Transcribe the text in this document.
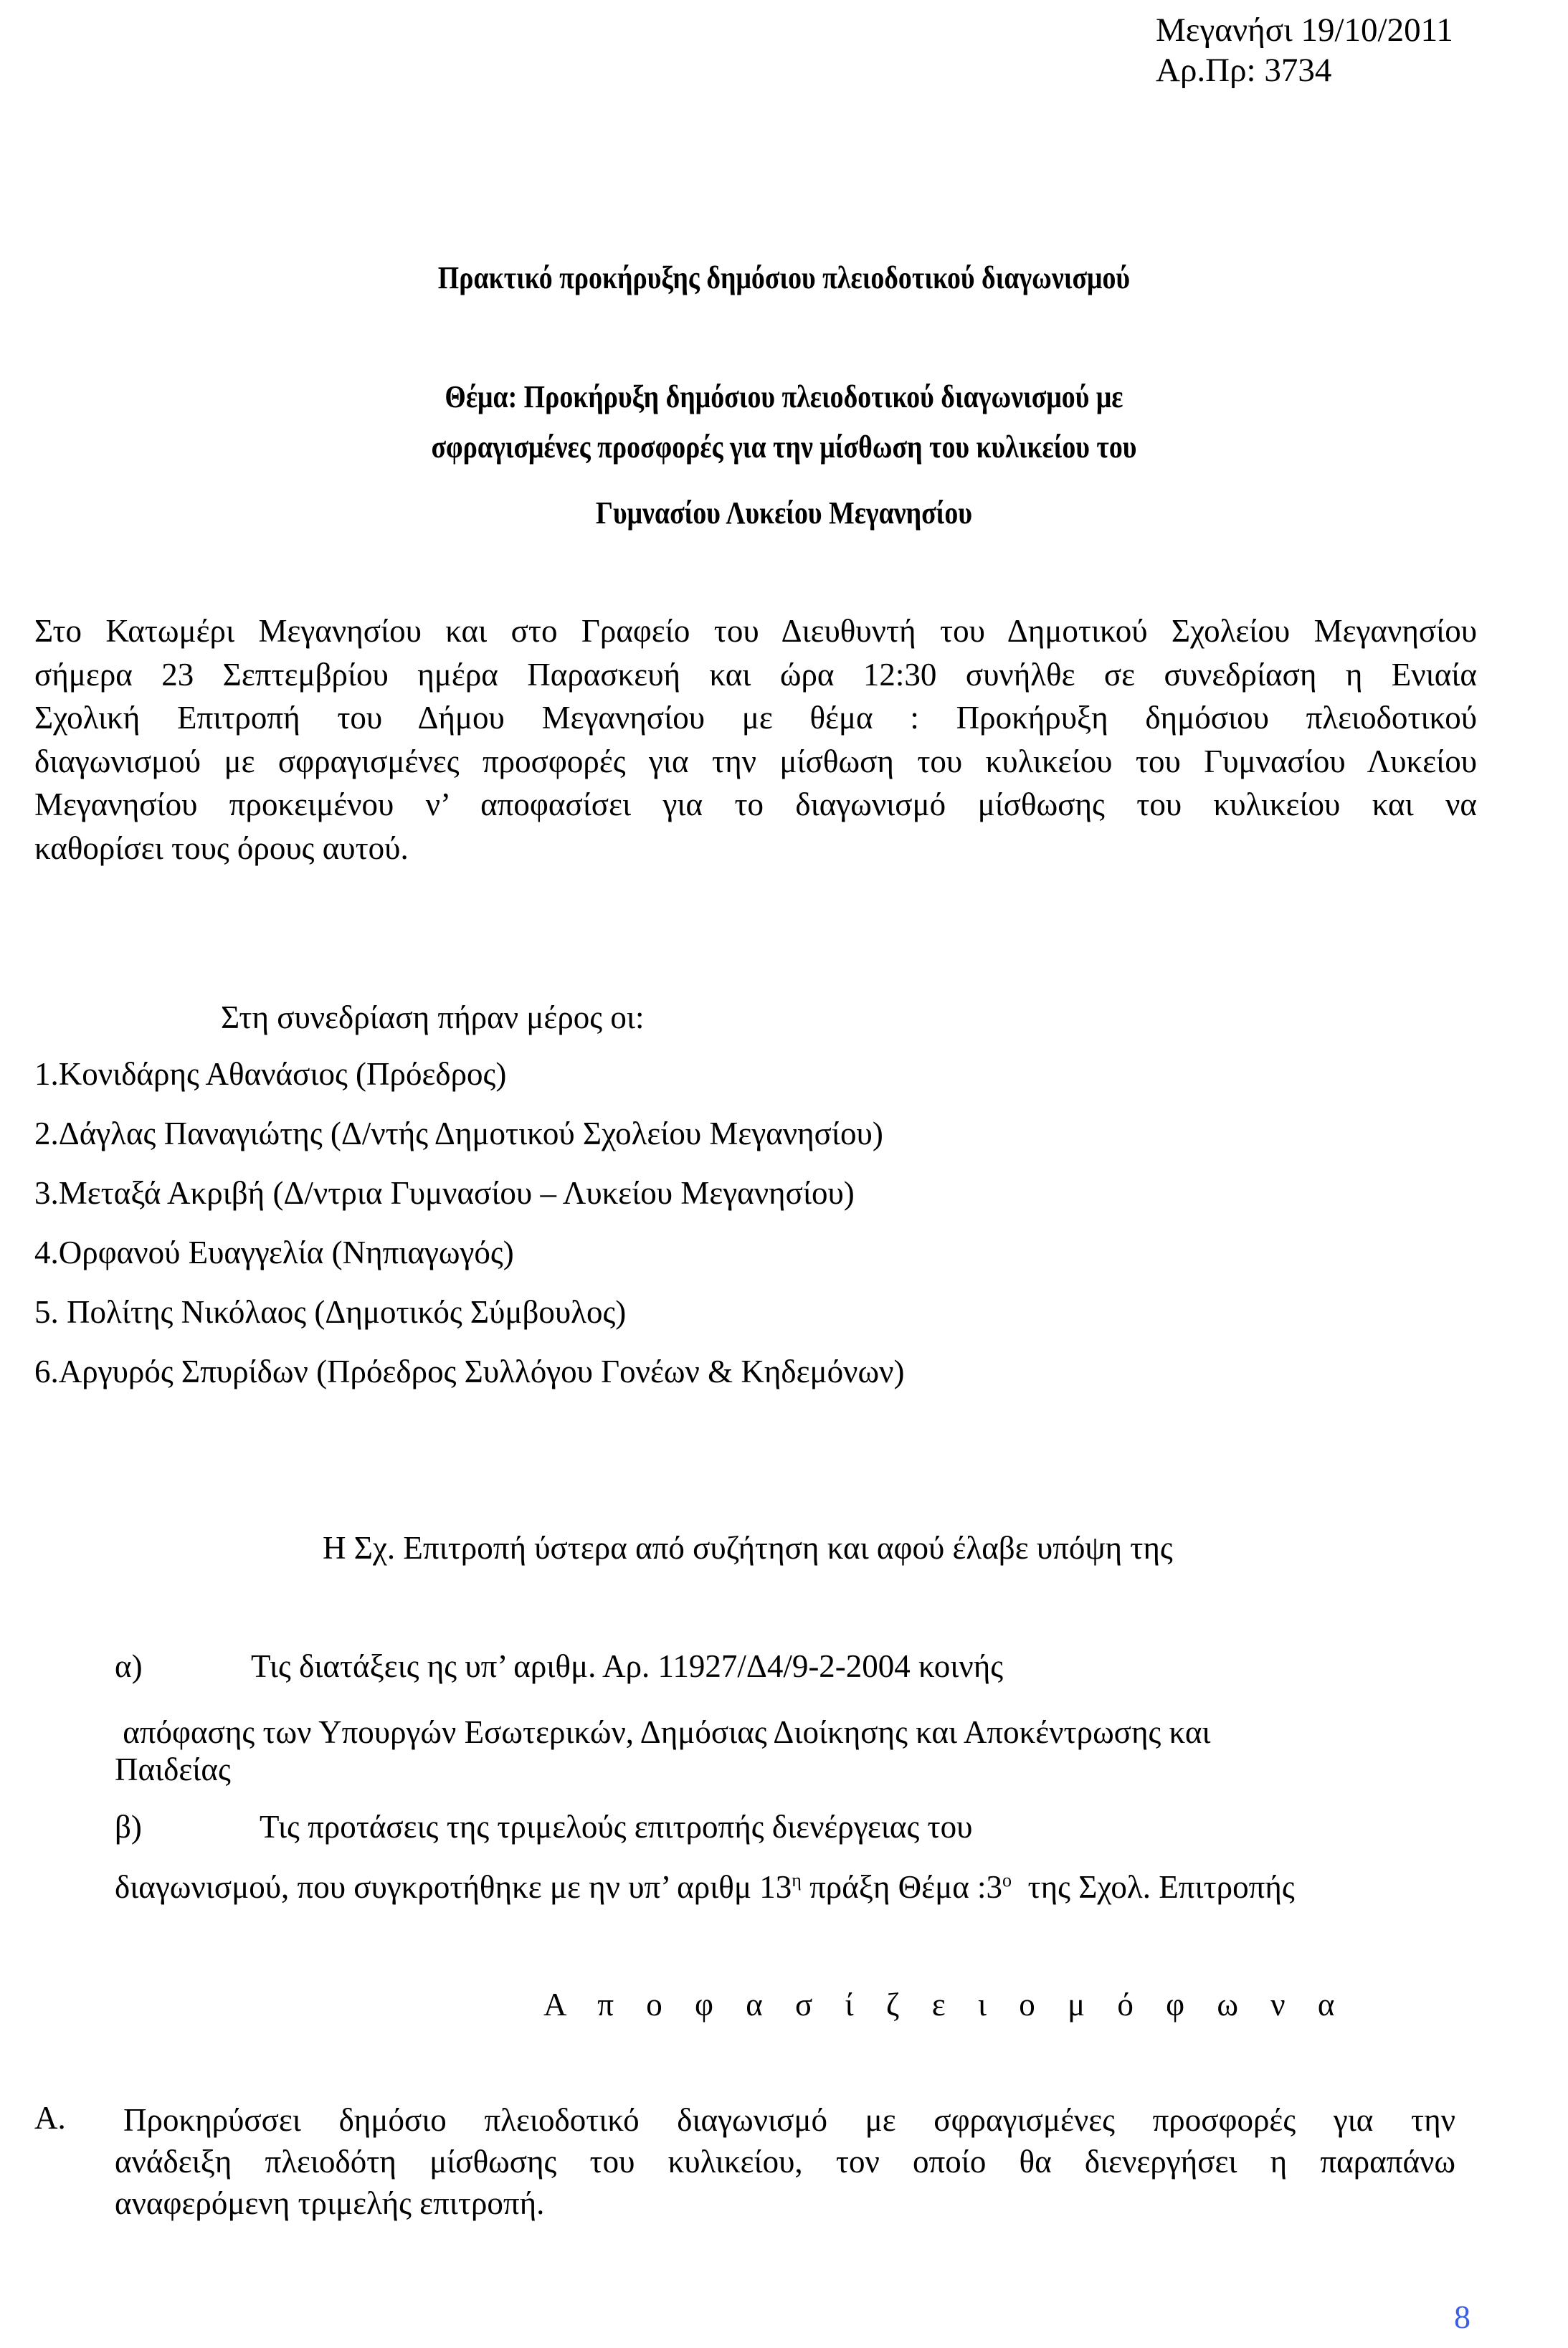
Μεγανήσι 19/10/2011
Αρ.Πρ: 3734
Πρακτικό προκήρυξης δημόσιου πλειοδοτικού διαγωνισμού
Θέμα: Προκήρυξη δημόσιου πλειοδοτικού διαγωνισμού με
σφραγισμένες προσφορές για την μίσθωση του κυλικείου του
Γυμνασίου Λυκείου Μεγανησίου
Στο Κατωμέρι Μεγανησίου και στο Γραφείο του Διευθυντή του Δημοτικού Σχολείου Μεγανησίου
σήμερα 23 Σεπτεμβρίου ημέρα Παρασκευή και ώρα 12:30 συνήλθε σε συνεδρίαση η Ενιαία
Σχολική Επιτροπή του Δήμου Μεγανησίου με θέμα : Προκήρυξη δημόσιου πλειοδοτικού
διαγωνισμού με σφραγισμένες προσφορές για την μίσθωση του κυλικείου του Γυμνασίου Λυκείου
Μεγανησίου προκειμένου ν’ αποφασίσει για το διαγωνισμό μίσθωσης του κυλικείου και να
καθορίσει τους όρους αυτού.
Στη συνεδρίαση πήραν μέρος οι:
1.Κονιδάρης Αθανάσιος (Πρόεδρος)
2.Δάγλας Παναγιώτης (Δ/ντής Δημοτικού Σχολείου Μεγανησίου)
3.Μεταξά Ακριβή (Δ/ντρια Γυμνασίου – Λυκείου Μεγανησίου)
4.Ορφανού Ευαγγελία (Νηπιαγωγός)
5. Πολίτης Νικόλαος (Δημοτικός Σύμβουλος)
6.Αργυρός Σπυρίδων (Πρόεδρος Συλλόγου Γονέων & Κηδεμόνων)
Η Σχ. Επιτροπή ύστερα από συζήτηση και αφού έλαβε υπόψη της
α)	Τις διατάξεις ης υπ’ αριθμ. Αρ. 11927/Δ4/9-2-2004 κοινής
απόφασης των Υπουργών Εσωτερικών, Δημόσιας Διοίκησης και Αποκέντρωσης και
Παιδείας
β)	Τις προτάσεις της τριμελούς επιτροπής διενέργειας του
διαγωνισμού, που συγκροτήθηκε με ην υπ’ αριθμ $13^\eta$ πράξη Θέμα $:3^o$  της Σχολ. Επιτροπής
Α π ο φ α σ ί ζ ε ι ο μ ό φ ω ν α
Α. Προκηρύσσει δημόσιο πλειοδοτικό διαγωνισμό με σφραγισμένες προσφορές για την
ανάδειξη πλειοδότη μίσθωσης του κυλικείου, τον οποίο θα διενεργήσει η παραπάνω
αναφερόμενη τριμελής επιτροπή.
8
